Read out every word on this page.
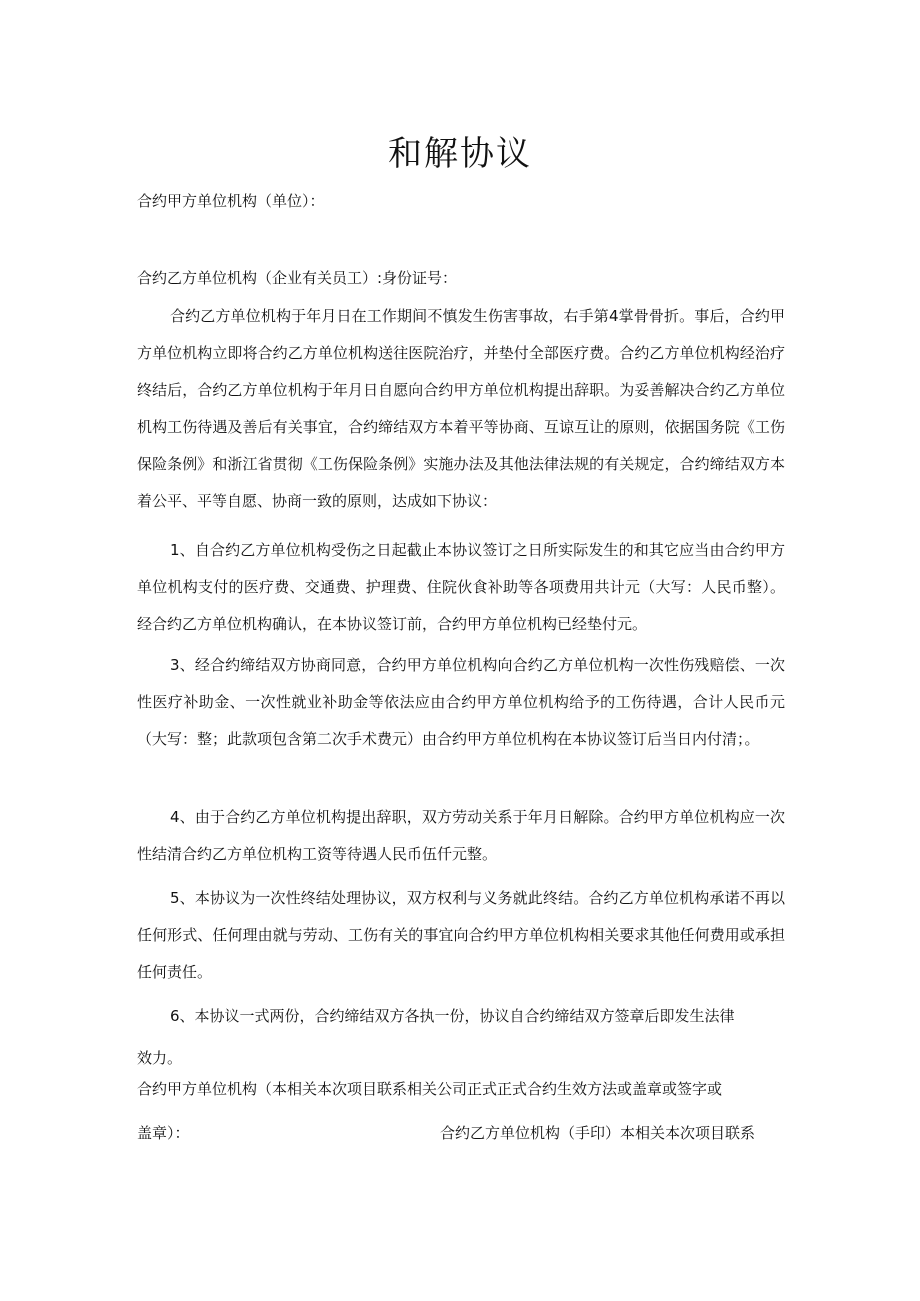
和解协议
合约甲方单位机构（单位）：
合约乙方单位机构（企业有关员工）:身份证号：

合约乙方单位机构于年月日在工作期间不慎发生伤害事故，右手第4掌骨骨折。事后，合约甲方单位机构立即将合约乙方单位机构送往医院治疗，并垫付全部医疗费。合约乙方单位机构经治疗终结后，合约乙方单位机构于年月日自愿向合约甲方单位机构提出辞职。为妥善解决合约乙方单位机构工伤待遇及善后有关事宜，合约缔结双方本着平等协商、互谅互让的原则，依据国务院《工伤保险条例》和浙江省贯彻《工伤保险条例》实施办法及其他法律法规的有关规定，合约缔结双方本着公平、平等自愿、协商一致的原则，达成如下协议：

1、自合约乙方单位机构受伤之日起截止本协议签订之日所实际发生的和其它应当由合约甲方单位机构支付的医疗费、交通费、护理费、住院伙食补助等各项费用共计元（大写：人民币整）。经合约乙方单位机构确认，在本协议签订前，合约甲方单位机构已经垫付元。

3、经合约缔结双方协商同意，合约甲方单位机构向合约乙方单位机构一次性伤残赔偿、一次性医疗补助金、一次性就业补助金等依法应由合约甲方单位机构给予的工伤待遇，合计人民币元（大写：整；此款项包含第二次手术费元）由合约甲方单位机构在本协议签订后当日内付清；。

4、由于合约乙方单位机构提出辞职，双方劳动关系于年月日解除。合约甲方单位机构应一次性结清合约乙方单位机构工资等待遇人民币伍仟元整。

5、本协议为一次性终结处理协议，双方权利与义务就此终结。合约乙方单位机构承诺不再以任何形式、任何理由就与劳动、工伤有关的事宜向合约甲方单位机构相关要求其他任何费用或承担任何责任。

6、本协议一式两份，合约缔结双方各执一份，协议自合约缔结双方签章后即发生法律
效力。
合约甲方单位机构（本相关本次项目联系相关公司正式正式合约生效方法或盖章或签字或
盖章）：	合约乙方单位机构（手印）本相关本次项目联系
